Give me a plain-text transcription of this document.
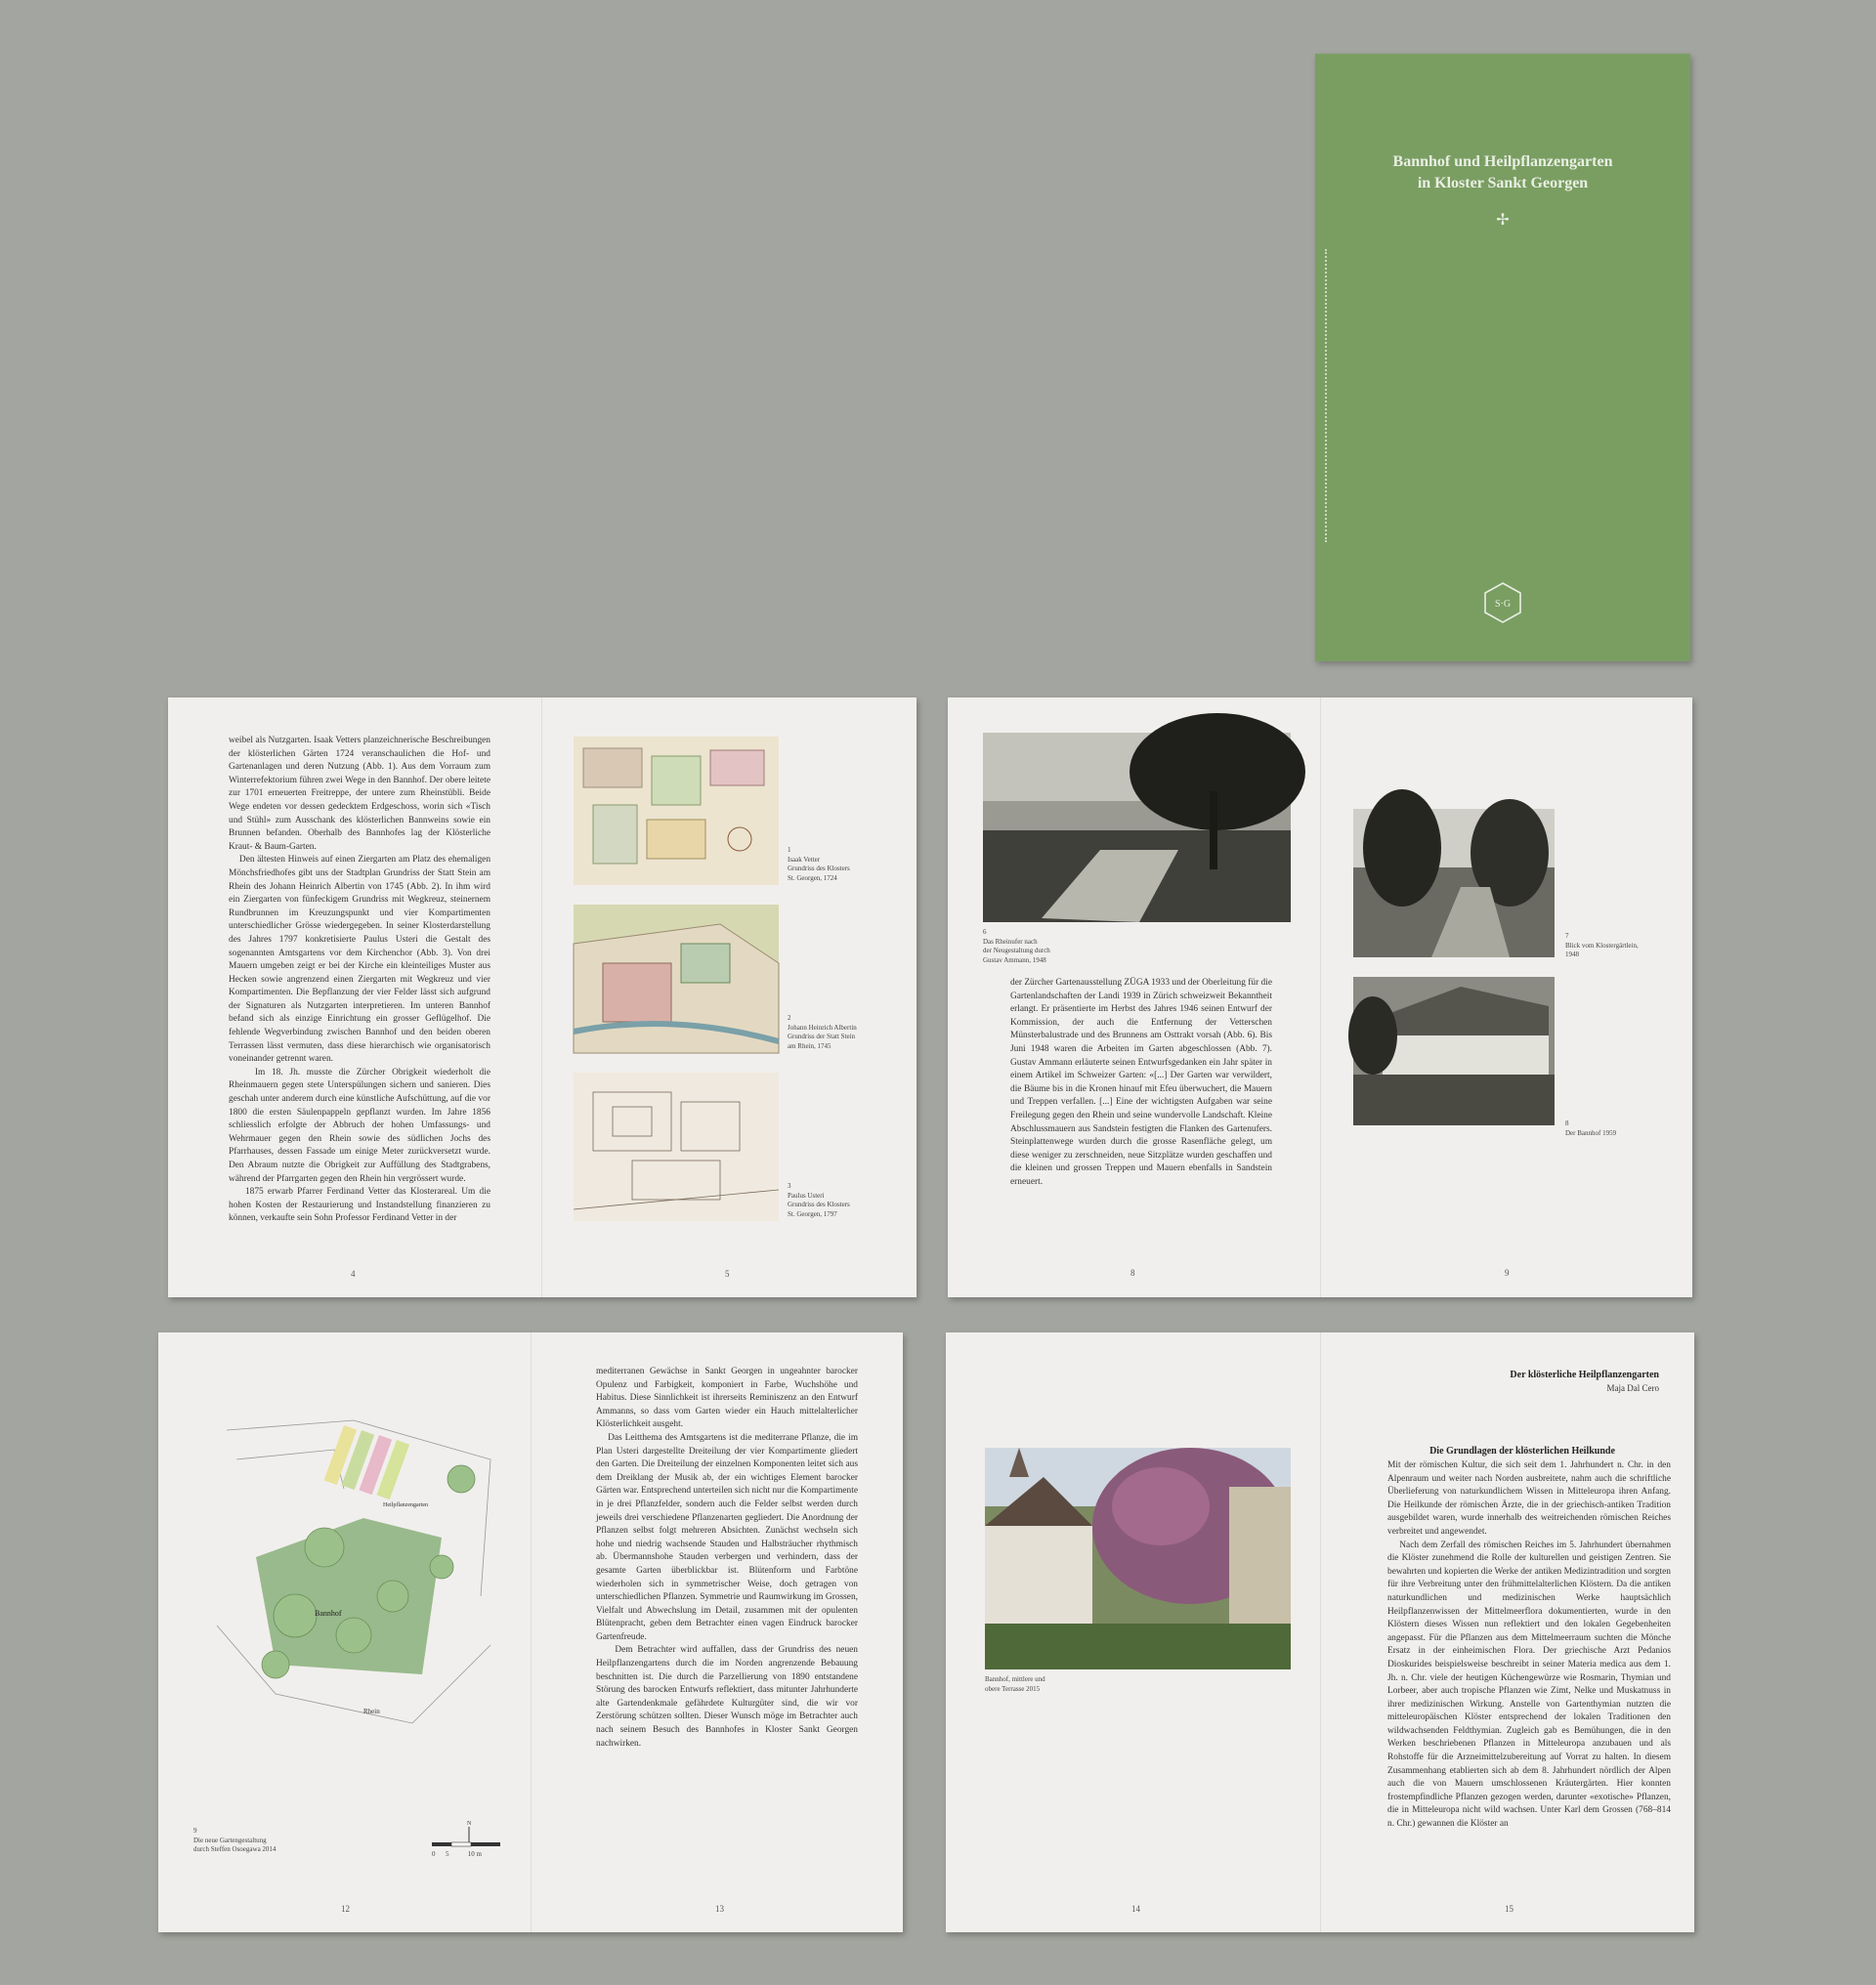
Bannhof und Heilpflanzengarten
in Kloster Sankt Georgen
✢
S·G
weibel als Nutzgarten. Isaak Vetters planzeichnerische Beschreibungen der klösterlichen Gärten 1724 veranschaulichen die Hof- und Gartenanlagen und deren Nutzung (Abb. 1). Aus dem Vorraum zum Winterrefektorium führen zwei Wege in den Bannhof. Der obere leitete zur 1701 erneuerten Freitreppe, der untere zum Rheinstübli. Beide Wege endeten vor dessen gedecktem Erdgeschoss, worin sich «Tisch und Stühl» zum Ausschank des klösterlichen Bannweins sowie ein Brunnen befanden. Oberhalb des Bannhofes lag der Klösterliche Kraut- & Baum-Garten.
Den ältesten Hinweis auf einen Ziergarten am Platz des ehemaligen Mönchsfriedhofes gibt uns der Stadtplan Grundriss der Statt Stein am Rhein des Johann Heinrich Albertin von 1745 (Abb. 2). In ihm wird ein Ziergarten von fünfeckigem Grundriss mit Wegkreuz, steinernem Rundbrunnen im Kreuzungspunkt und vier Kompartimenten unterschiedlicher Grösse wiedergegeben. In seiner Klosterdarstellung des Jahres 1797 konkretisierte Paulus Usteri die Gestalt des sogenannten Amtsgartens vor dem Kirchenchor (Abb. 3). Von drei Mauern umgeben zeigt er bei der Kirche ein kleinteiliges Muster aus Hecken sowie angrenzend einen Ziergarten mit Wegkreuz und vier Kompartimenten. Die Bepflanzung der vier Felder lässt sich aufgrund der Signaturen als Nutzgarten interpretieren. Im unteren Bannhof befand sich als einzige Einrichtung ein grosser Geflügelhof. Die fehlende Wegverbindung zwischen Bannhof und den beiden oberen Terrassen lässt vermuten, dass diese hierarchisch wie organisatorisch voneinander getrennt waren.
Im 18. Jh. musste die Zürcher Obrigkeit wiederholt die Rheinmauern gegen stete Unterspülungen sichern und sanieren. Dies geschah unter anderem durch eine künstliche Aufschüttung, auf die vor 1800 die ersten Säulenpappeln gepflanzt wurden. Im Jahre 1856 schliesslich erfolgte der Abbruch der hohen Umfassungs- und Wehrmauer gegen den Rhein sowie des südlichen Jochs des Pfarrhauses, dessen Fassade um einige Meter zurückversetzt wurde. Den Abraum nutzte die Obrigkeit zur Auffüllung des Stadtgrabens, während der Pfarrgarten gegen den Rhein hin vergrössert wurde.
1875 erwarb Pfarrer Ferdinand Vetter das Klosterareal. Um die hohen Kosten der Restaurierung und Instandstellung finanzieren zu können, verkaufte sein Sohn Professor Ferdinand Vetter in der
4
1
Isaak Vetter
Grundriss des Klosters
St. Georgen, 1724
2
Johann Heinrich Albertin
Grundriss der Statt Stein
am Rhein, 1745
3
Paulus Usteri
Grundriss des Klosters
St. Georgen, 1797
5
6
Das Rheinufer nach
der Neugestaltung durch
Gustav Ammann, 1948
der Zürcher Gartenausstellung ZÜGA 1933 und der Oberleitung für die Gartenlandschaften der Landi 1939 in Zürich schweizweit Bekanntheit erlangt. Er präsentierte im Herbst des Jahres 1946 seinen Entwurf der Kommission, der auch die Entfernung der Vetterschen Münsterbalustrade und des Brunnens am Osttrakt vorsah (Abb. 6). Bis Juni 1948 waren die Arbeiten im Garten abgeschlossen (Abb. 7). Gustav Ammann erläuterte seinen Entwurfsgedanken ein Jahr später in einem Artikel im Schweizer Garten: «[...] Der Garten war verwildert, die Bäume bis in die Kronen hinauf mit Efeu überwuchert, die Mauern und Treppen verfallen. [...] Eine der wichtigsten Aufgaben war seine Freilegung gegen den Rhein und seine wundervolle Landschaft. Kleine Abschlussmauern aus Sandstein festigten die Flanken des Gartenufers. Steinplattenwege wurden durch die grosse Rasenfläche gelegt, um diese weniger zu zerschneiden, neue Sitzplätze wurden geschaffen und die kleinen und grossen Treppen und Mauern ebenfalls in Sandstein erneuert.
8
7
Blick vom Klostergärtlein,
1948
8
Der Bannhof 1959
9
Bannhof
Heilpflanzengarten
Rhein
9
Die neue Gartengestaltung
durch Steffen Osoegawa 2014
N
0      5           10 m
12
mediterranen Gewächse in Sankt Georgen in ungeahnter barocker Opulenz und Farbigkeit, komponiert in Farbe, Wuchshöhe und Habitus. Diese Sinnlichkeit ist ihrerseits Reminiszenz an den Entwurf Ammanns, so dass vom Garten wieder ein Hauch mittelalterlicher Klösterlichkeit ausgeht.
Das Leitthema des Amtsgartens ist die mediterrane Pflanze, die im Plan Usteri dargestellte Dreiteilung der vier Kompartimente gliedert den Garten. Die Dreiteilung der einzelnen Komponenten leitet sich aus dem Dreiklang der Musik ab, der ein wichtiges Element barocker Gärten war. Entsprechend unterteilen sich nicht nur die Kompartimente in je drei Pflanzfelder, sondern auch die Felder selbst werden durch jeweils drei verschiedene Pflanzenarten gegliedert. Die Anordnung der Pflanzen selbst folgt mehreren Absichten. Zunächst wechseln sich hohe und niedrig wachsende Stauden und Halbsträucher rhythmisch ab. Übermannshohe Stauden verbergen und verhindern, dass der gesamte Garten überblickbar ist. Blütenform und Farbtöne wiederholen sich in symmetrischer Weise, doch getragen von unterschiedlichen Pflanzen. Symmetrie und Raumwirkung im Grossen, Vielfalt und Abwechslung im Detail, zusammen mit der opulenten Blütenpracht, geben dem Betrachter einen vagen Eindruck barocker Gartenfreude.
Dem Betrachter wird auffallen, dass der Grundriss des neuen Heilpflanzengartens durch die im Norden angrenzende Bebauung beschnitten ist. Die durch die Parzellierung von 1890 entstandene Störung des barocken Entwurfs reflektiert, dass mitunter Jahrhunderte alte Gartendenkmale gefährdete Kulturgüter sind, die wir vor Zerstörung schützen sollten. Dieser Wunsch möge im Betrachter auch nach seinem Besuch des Bannhofes in Kloster Sankt Georgen nachwirken.
13
Bannhof, mittlere und
obere Terrasse 2015
14
Der klösterliche Heilpflanzengarten
Maja Dal Cero
Die Grundlagen der klösterlichen Heilkunde
Mit der römischen Kultur, die sich seit dem 1. Jahrhundert n. Chr. in den Alpenraum und weiter nach Norden ausbreitete, nahm auch die schriftliche Überlieferung von naturkundlichem Wissen in Mitteleuropa ihren Anfang. Die Heilkunde der römischen Ärzte, die in der griechisch-antiken Tradition ausgebildet waren, wurde innerhalb des weitreichenden römischen Reiches verbreitet und angewendet.
Nach dem Zerfall des römischen Reiches im 5. Jahrhundert übernahmen die Klöster zunehmend die Rolle der kulturellen und geistigen Zentren. Sie bewahrten und kopierten die Werke der antiken Medizintradition und sorgten für ihre Verbreitung unter den frühmittelalterlichen Klöstern. Da die antiken naturkundlichen und medizinischen Werke hauptsächlich Heilpflanzenwissen der Mittelmeerflora dokumentierten, wurde in den Klöstern dieses Wissen nun reflektiert und den lokalen Gegebenheiten angepasst. Für die Pflanzen aus dem Mittelmeerraum suchten die Mönche Ersatz in der einheimischen Flora. Der griechische Arzt Pedanios Dioskurides beispielsweise beschreibt in seiner Materia medica aus dem 1. Jh. n. Chr. viele der heutigen Küchengewürze wie Rosmarin, Thymian und Lorbeer, aber auch tropische Pflanzen wie Zimt, Nelke und Muskatnuss in ihrer medizinischen Wirkung. Anstelle von Gartenthymian nutzten die mitteleuropäischen Klöster entsprechend der lokalen Traditionen den wildwachsenden Feldthymian. Zugleich gab es Bemühungen, die in den Werken beschriebenen Pflanzen in Mitteleuropa anzubauen und als Rohstoffe für die Arzneimittelzubereitung auf Vorrat zu halten. In diesem Zusammenhang etablierten sich ab dem 8. Jahrhundert nördlich der Alpen auch die von Mauern umschlossenen Kräutergärten. Hier konnten frostempfindliche Pflanzen gezogen werden, darunter «exotische» Pflanzen, die in Mitteleuropa nicht wild wachsen. Unter Karl dem Grossen (768–814 n. Chr.) gewannen die Klöster an
15
